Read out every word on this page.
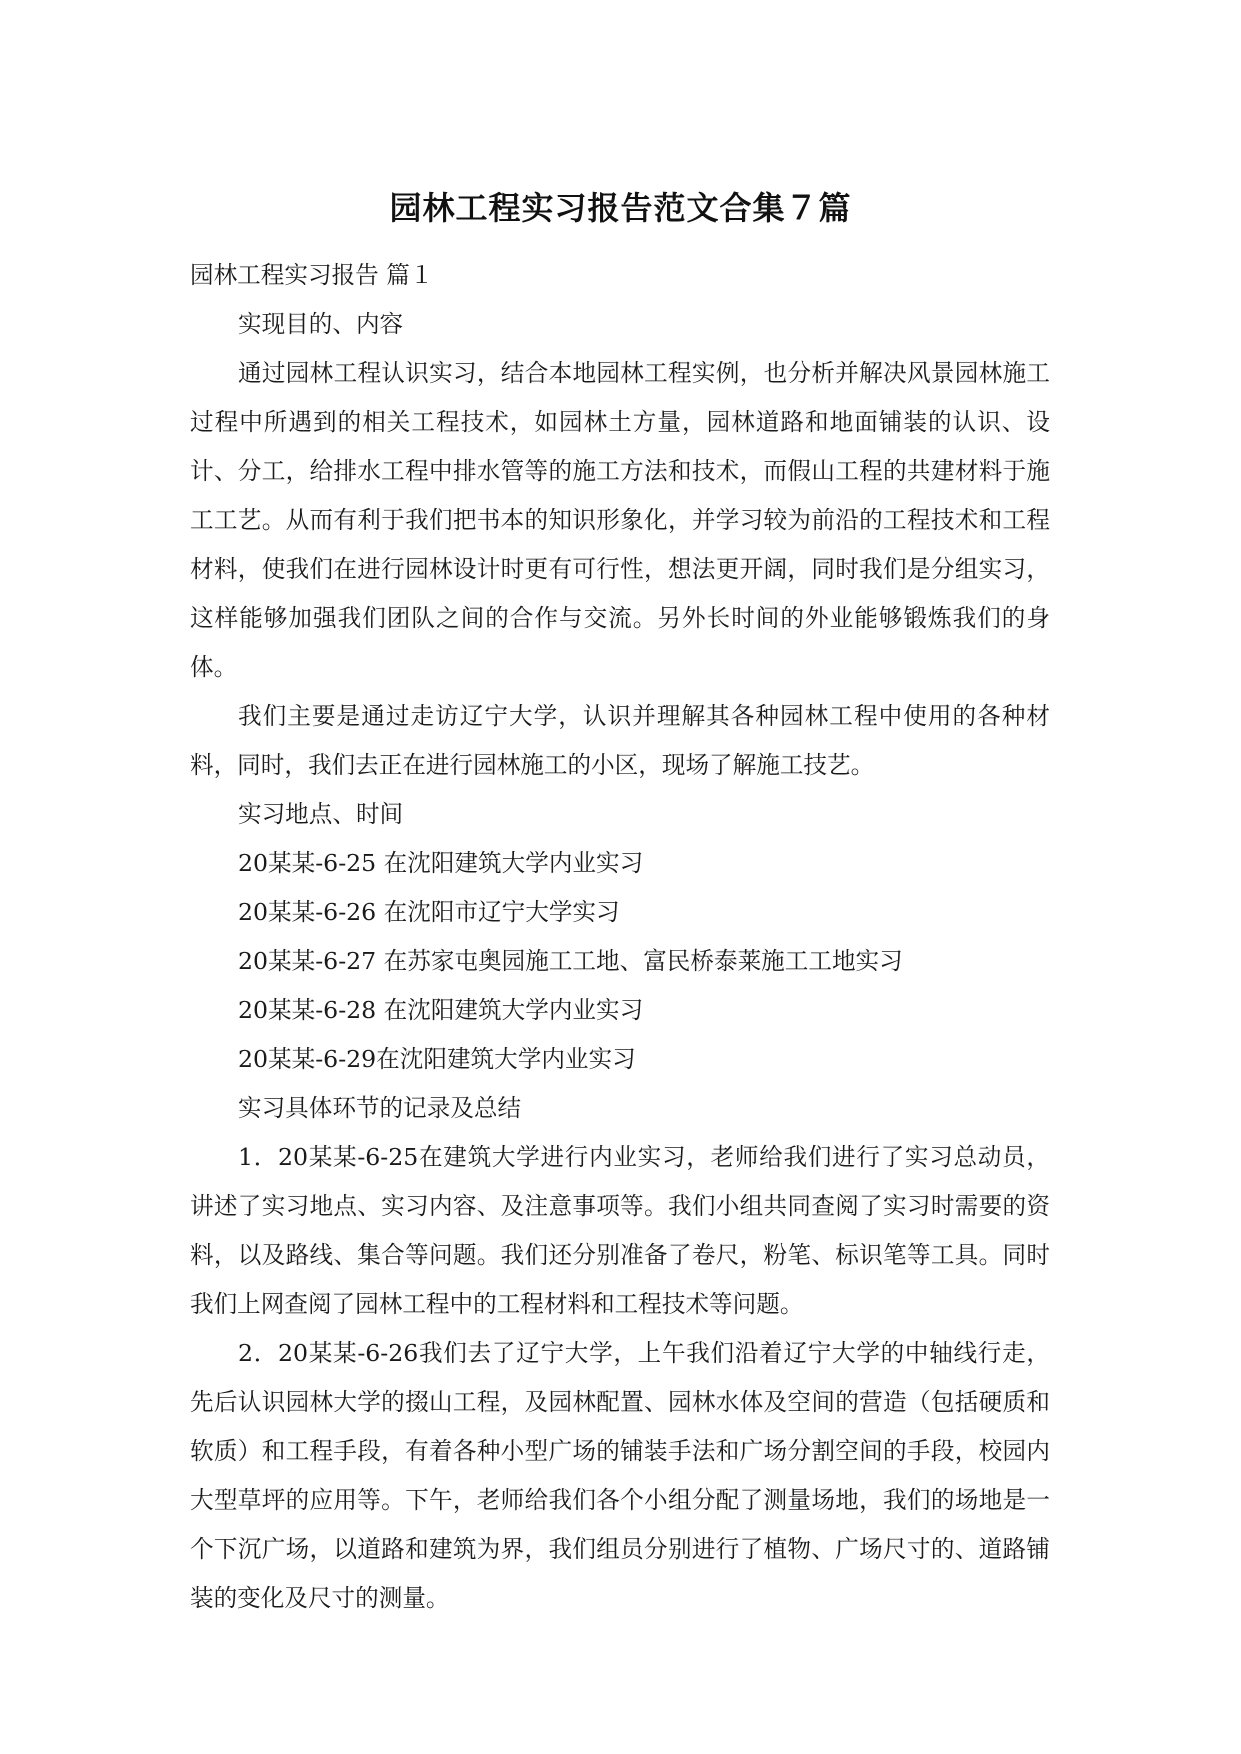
园林工程实习报告范文合集７篇

园林工程实习报告 篇１

实现目的、内容

通过园林工程认识实习，结合本地园林工程实例，也分析并解决风景园林施工过程中所遇到的相关工程技术，如园林土方量，园林道路和地面铺装的认识、设计、分工，给排水工程中排水管等的施工方法和技术，而假山工程的共建材料于施工工艺。从而有利于我们把书本的知识形象化，并学习较为前沿的工程技术和工程材料，使我们在进行园林设计时更有可行性，想法更开阔，同时我们是分组实习，这样能够加强我们团队之间的合作与交流。另外长时间的外业能够锻炼我们的身体。

我们主要是通过走访辽宁大学，认识并理解其各种园林工程中使用的各种材料，同时，我们去正在进行园林施工的小区，现场了解施工技艺。

实习地点、时间

20某某-6-25 在沈阳建筑大学内业实习

20某某-6-26 在沈阳市辽宁大学实习

20某某-6-27 在苏家屯奥园施工工地、富民桥泰莱施工工地实习

20某某-6-28 在沈阳建筑大学内业实习

20某某-6-29在沈阳建筑大学内业实习

实习具体环节的记录及总结

1．20某某-6-25在建筑大学进行内业实习，老师给我们进行了实习总动员，讲述了实习地点、实习内容、及注意事项等。我们小组共同查阅了实习时需要的资料，以及路线、集合等问题。我们还分别准备了卷尺，粉笔、标识笔等工具。同时我们上网查阅了园林工程中的工程材料和工程技术等问题。

2．20某某-6-26我们去了辽宁大学，上午我们沿着辽宁大学的中轴线行走，先后认识园林大学的掇山工程，及园林配置、园林水体及空间的营造（包括硬质和软质）和工程手段，有着各种小型广场的铺装手法和广场分割空间的手段，校园内大型草坪的应用等。下午，老师给我们各个小组分配了测量场地，我们的场地是一个下沉广场，以道路和建筑为界，我们组员分别进行了植物、广场尺寸的、道路铺装的变化及尺寸的测量。
